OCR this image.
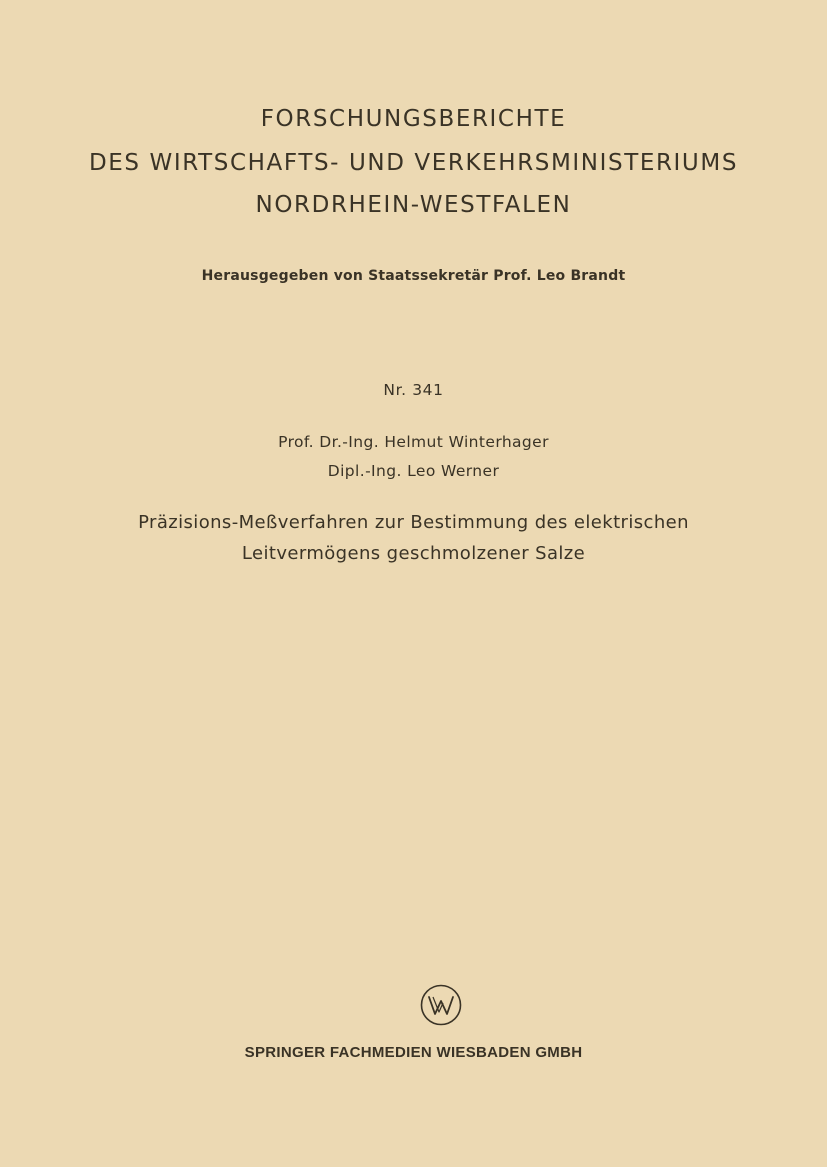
FORSCHUNGSBERICHTE
DES WIRTSCHAFTS- UND VERKEHRSMINISTERIUMS
NORDRHEIN-WESTFALEN
Herausgegeben von Staatssekretär Prof. Leo Brandt
Nr. 341
Prof. Dr.-Ing. Helmut Winterhager
Dipl.-Ing. Leo Werner
Präzisions-Meßverfahren zur Bestimmung des elektrischen
Leitvermögens geschmolzener Salze
SPRINGER FACHMEDIEN WIESBADEN GMBH
